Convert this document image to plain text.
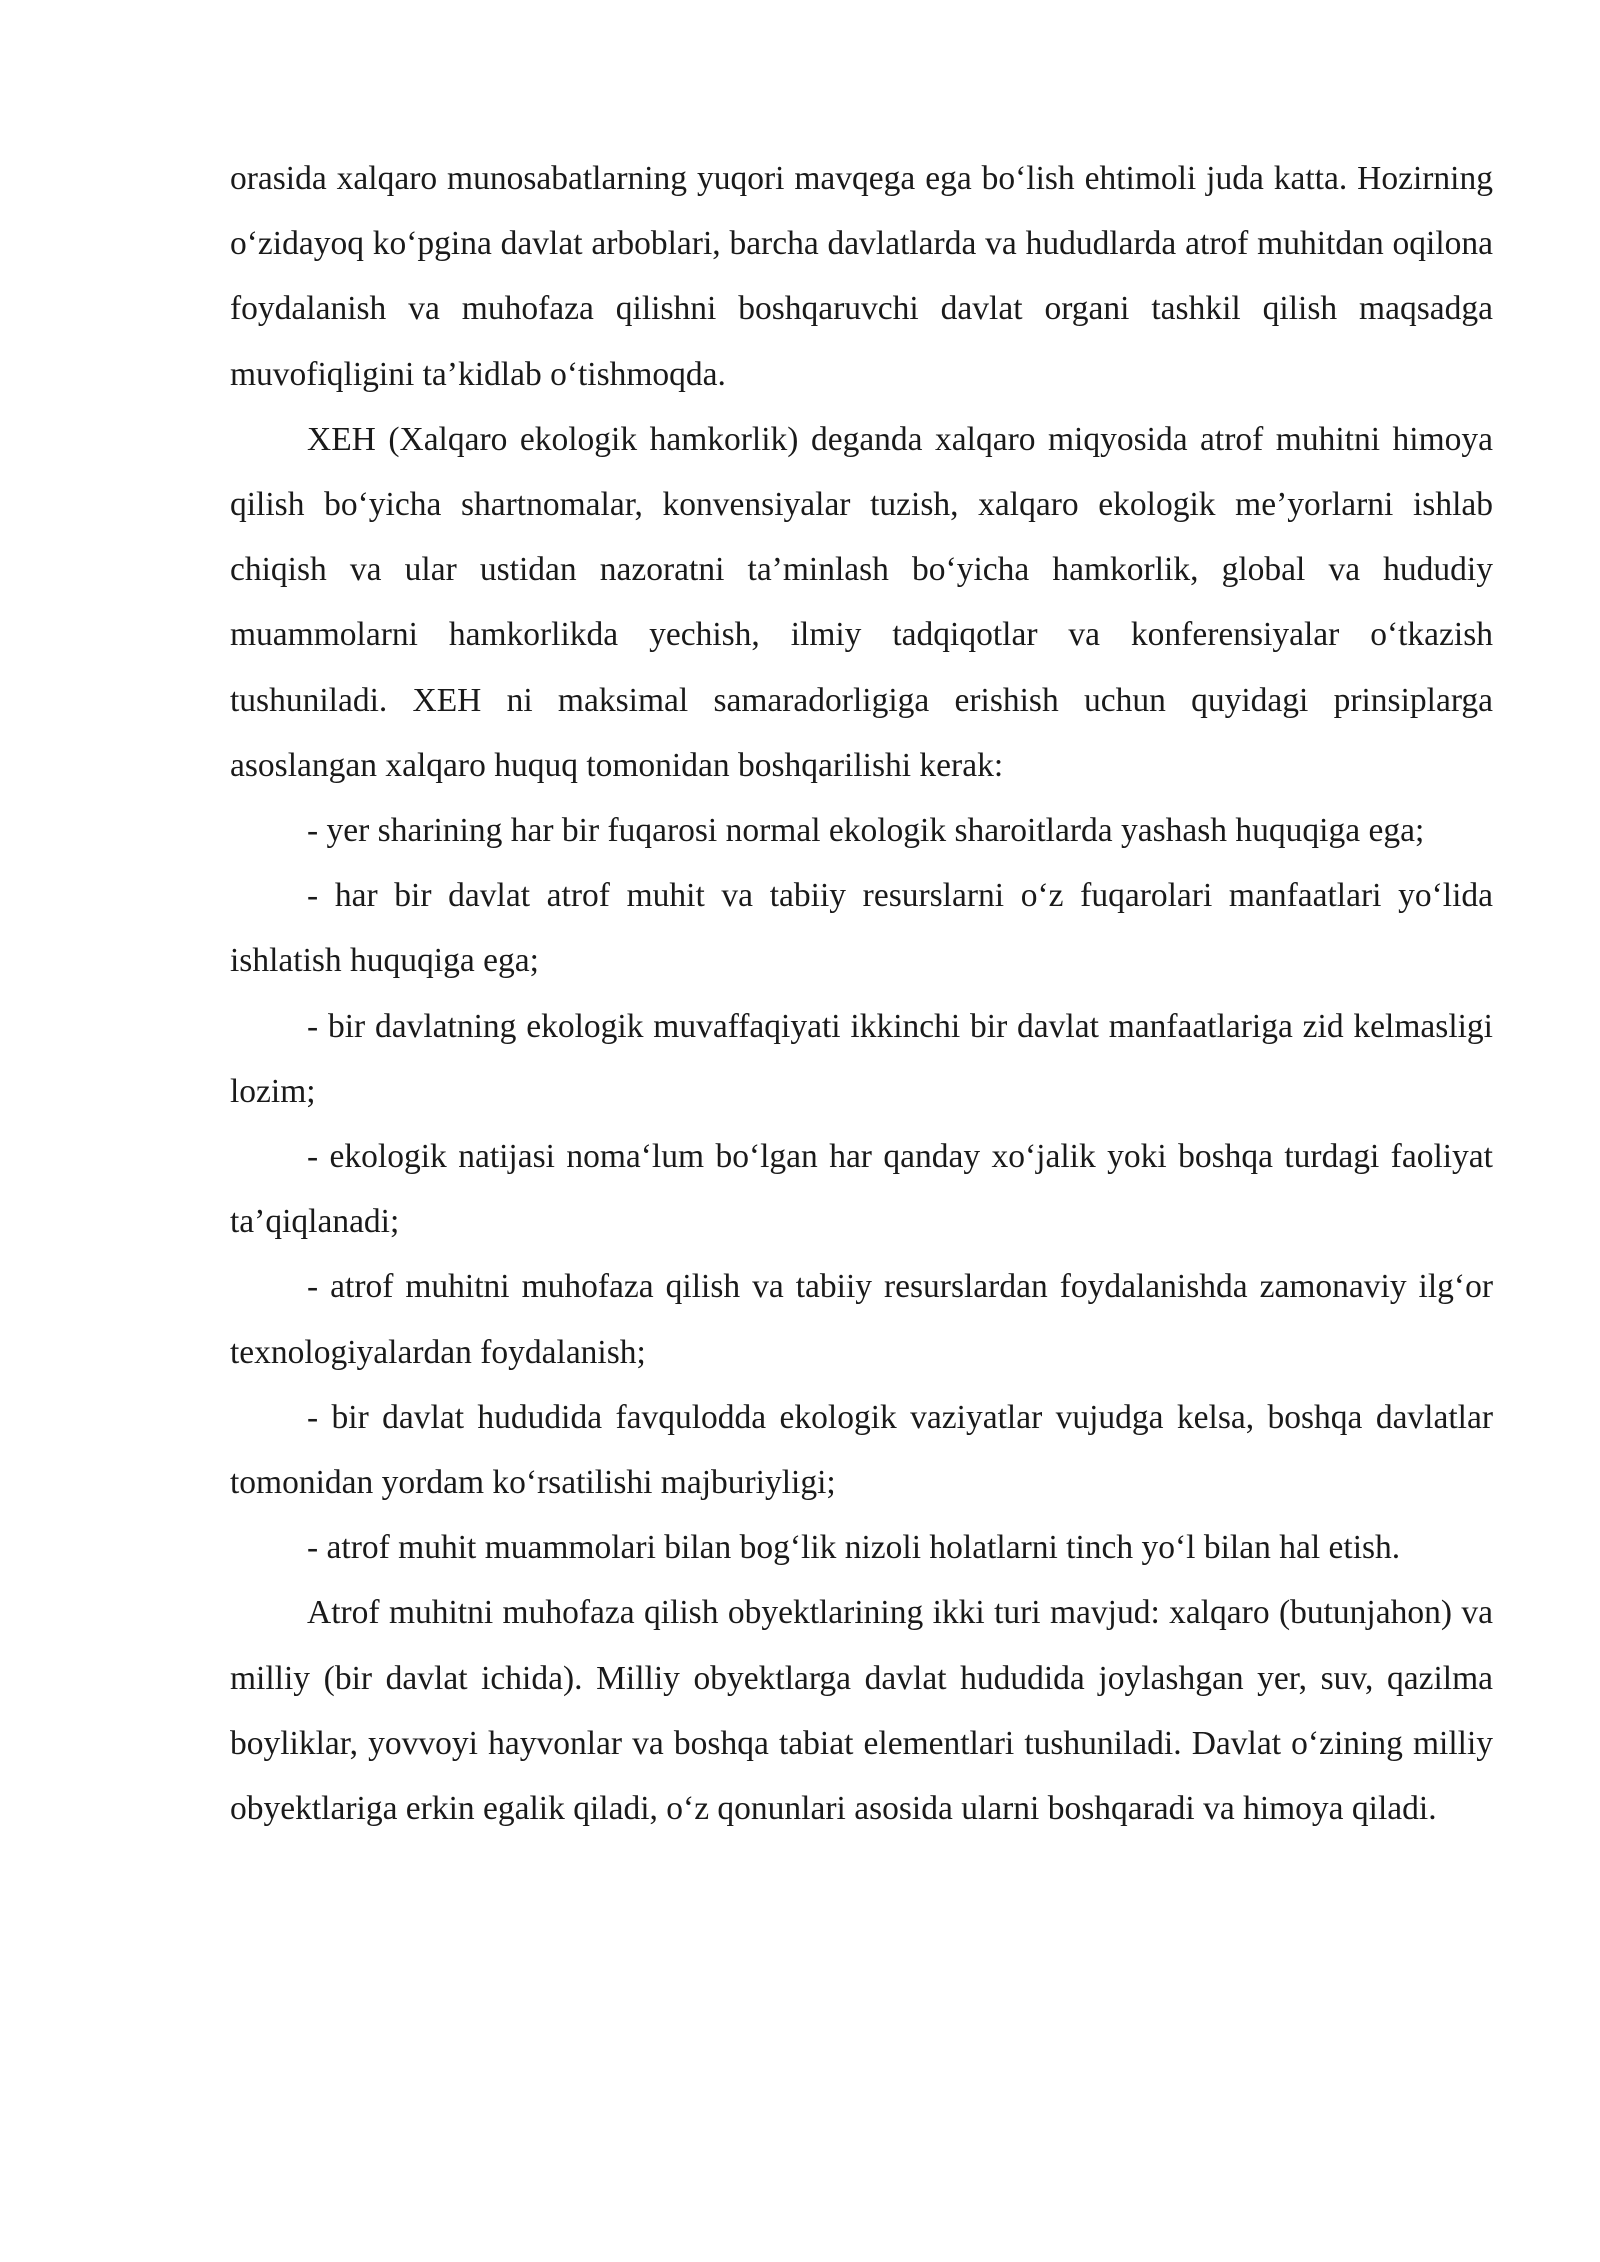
orasida xalqaro munosabatlarning yuqori mavqega ega bo‘lish ehtimoli juda katta. Hozirning o‘zidayoq ko‘pgina davlat arboblari, barcha davlatlarda va hududlarda atrof muhitdan oqilona foydalanish va muhofaza qilishni boshqaruvchi davlat organi tashkil qilish maqsadga muvofiqligini ta’kidlab o‘tishmoqda.

XEH (Xalqaro ekologik hamkorlik) deganda xalqaro miqyosida atrof muhitni himoya qilish bo‘yicha shartnomalar, konvensiyalar tuzish, xalqaro ekologik me’yorlarni ishlab chiqish va ular ustidan nazoratni ta’minlash bo‘yicha hamkorlik, global va hududiy muammolarni hamkorlikda yechish, ilmiy tadqiqotlar va konferensiyalar o‘tkazish tushuniladi. XEH ni maksimal samaradorligiga erishish uchun quyidagi prinsiplarga asoslangan xalqaro huquq tomonidan boshqarilishi kerak:

- yer sharining har bir fuqarosi normal ekologik sharoitlarda yashash huquqiga ega;

- har bir davlat atrof muhit va tabiiy resurslarni o‘z fuqarolari manfaatlari yo‘lida ishlatish huquqiga ega;

- bir davlatning ekologik muvaffaqiyati ikkinchi bir davlat manfaatlariga zid kelmasligi lozim;

- ekologik natijasi noma‘lum bo‘lgan har qanday xo‘jalik yoki boshqa turdagi faoliyat ta’qiqlanadi;

- atrof muhitni muhofaza qilish va tabiiy resurslardan foydalanishda zamonaviy ilg‘or texnologiyalardan foydalanish;

- bir davlat hududida favqulodda ekologik vaziyatlar vujudga kelsa, boshqa davlatlar tomonidan yordam ko‘rsatilishi majburiyligi;

- atrof muhit muammolari bilan bog‘lik nizoli holatlarni tinch yo‘l bilan hal etish.

Atrof muhitni muhofaza qilish obyektlarining ikki turi mavjud: xalqaro (butunjahon) va milliy (bir davlat ichida). Milliy obyektlarga davlat hududida joylashgan yer, suv, qazilma boyliklar, yovvoyi hayvonlar va boshqa tabiat elementlari tushuniladi. Davlat o‘zining milliy obyektlariga erkin egalik qiladi, o‘z qonunlari asosida ularni boshqaradi va himoya qiladi.
